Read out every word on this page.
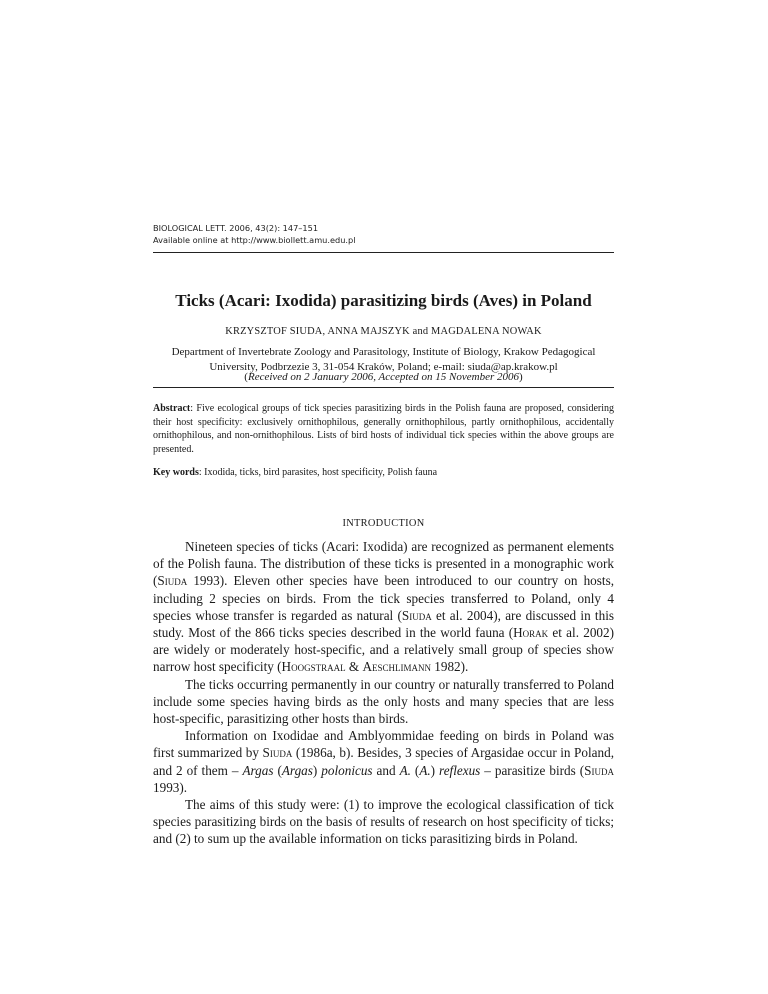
BIOLOGICAL LETT. 2006, 43(2): 147–151
Available online at http://www.biollett.amu.edu.pl
Ticks (Acari: Ixodida) parasitizing birds (Aves) in Poland
KRZYSZTOF SIUDA, ANNA MAJSZYK and MAGDALENA NOWAK
Department of Invertebrate Zoology and Parasitology, Institute of Biology, Krakow Pedagogical University, Podbrzezie 3, 31-054 Kraków, Poland; e-mail: siuda@ap.krakow.pl
(Received on 2 January 2006, Accepted on 15 November 2006)
Abstract: Five ecological groups of tick species parasitizing birds in the Polish fauna are proposed, considering their host specificity: exclusively ornithophilous, generally ornithophilous, partly ornithophilous, accidentally ornithophilous, and non-ornithophilous. Lists of bird hosts of individual tick species within the above groups are presented.
Key words: Ixodida, ticks, bird parasites, host specificity, Polish fauna
INTRODUCTION

Nineteen species of ticks (Acari: Ixodida) are recognized as permanent elements of the Polish fauna. The distribution of these ticks is presented in a monographic work (Siuda 1993). Eleven other species have been introduced to our country on hosts, including 2 species on birds. From the tick species transferred to Poland, only 4 species whose transfer is regarded as natural (Siuda et al. 2004), are discussed in this study. Most of the 866 ticks species described in the world fauna (Horak et al. 2002) are widely or moderately host-specific, and a relatively small group of species show narrow host specificity (Hoogstraal & Aeschlimann 1982).

The ticks occurring permanently in our country or naturally transferred to Poland include some species having birds as the only hosts and many species that are less host-specific, parasitizing other hosts than birds.

Information on Ixodidae and Amblyommidae feeding on birds in Poland was first summarized by Siuda (1986a, b). Besides, 3 species of Argasidae occur in Poland, and 2 of them – Argas (Argas) polonicus and A. (A.) reflexus – parasitize birds (Siuda 1993).

The aims of this study were: (1) to improve the ecological classification of tick species parasitizing birds on the basis of results of research on host specificity of ticks; and (2) to sum up the available information on ticks parasitizing birds in Poland.
